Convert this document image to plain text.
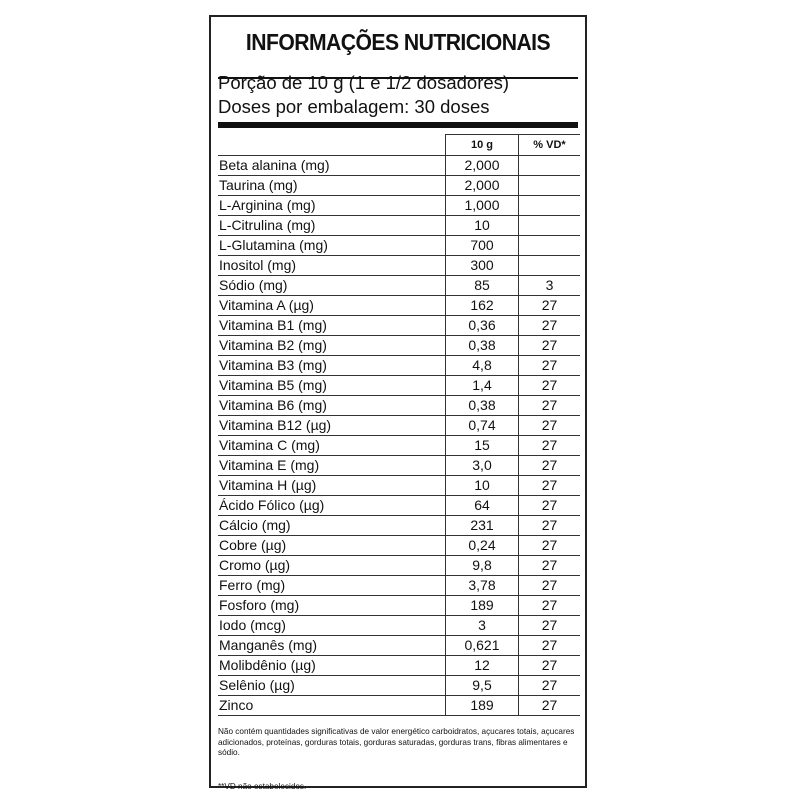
INFORMAÇÕES NUTRICIONAIS
Porção de 10 g (1 e 1/2 dosadores)
Doses por embalagem: 30 doses
	10 g	% VD*
Beta alanina (mg)	2,000	
Taurina (mg)	2,000	
L-Arginina (mg)	1,000	
L-Citrulina (mg)	10	
L-Glutamina (mg)	700	
Inositol (mg)	300	
Sódio (mg)	85	3
Vitamina A (µg)	162	27
Vitamina B1 (mg)	0,36	27
Vitamina B2 (mg)	0,38	27
Vitamina B3 (mg)	4,8	27
Vitamina B5 (mg)	1,4	27
Vitamina B6 (mg)	0,38	27
Vitamina B12 (µg)	0,74	27
Vitamina C (mg)	15	27
Vitamina E (mg)	3,0	27
Vitamina H (µg)	10	27
Ácido Fólico (µg)	64	27
Cálcio (mg)	231	27
Cobre (µg)	0,24	27
Cromo (µg)	9,8	27
Ferro (mg)	3,78	27
Fosforo (mg)	189	27
Iodo (mcg)	3	27
Manganês (mg)	0,621	27
Molibdênio (µg)	12	27
Selênio (µg)	9,5	27
Zinco	189	27
Não contém quantidades significativas de valor energético carboidratos, açucares totais, açucares adicionados, proteínas, gorduras totais, gorduras saturadas, gorduras trans, fibras alimentares e sódio.
**VD não estabelecidos.
